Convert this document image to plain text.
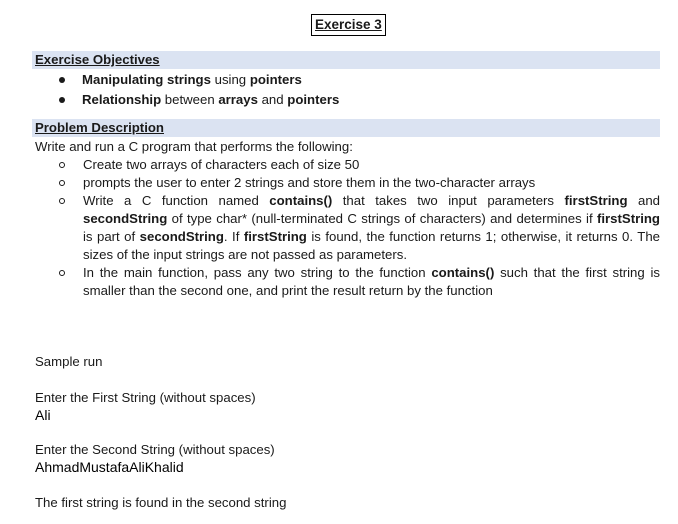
Exercise 3
Exercise Objectives
Manipulating strings using pointers
Relationship between arrays and pointers
Problem Description
Write and run a C program that performs the following:
Create two arrays of characters each of size 50
prompts the user to enter 2 strings and store them in the two-character arrays
Write a C function named contains() that takes two input parameters firstString and secondString of type char* (null-terminated C strings of characters) and determines if firstString is part of secondString. If firstString is found, the function returns 1; otherwise, it returns 0. The sizes of the input strings are not passed as parameters.
In the main function, pass any two string to the function contains() such that the first string is smaller than the second one, and print the result return by the function
Sample run
Enter the First String (without spaces)
Ali
Enter the Second String (without spaces)
AhmadMustafaAliKhalid
The first string is found in the second string
